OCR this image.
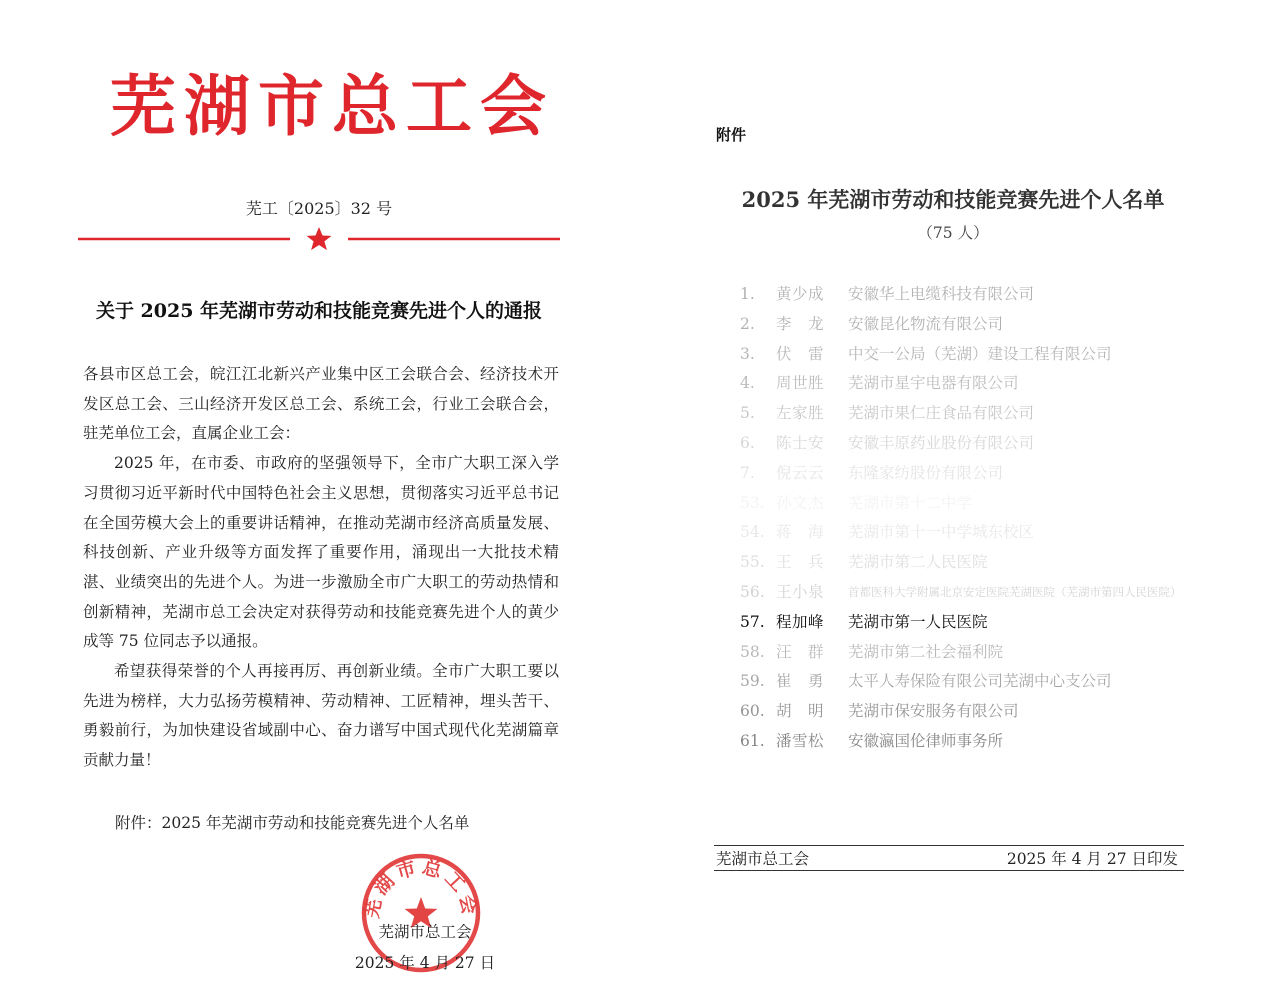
芜湖市总工会
芜工〔2025〕32 号
关于 2025 年芜湖市劳动和技能竞赛先进个人的通报

各县市区总工会，皖江江北新兴产业集中区工会联合会、经济技术开发区总工会、三山经济开发区总工会、系统工会，行业工会联合会，驻芜单位工会，直属企业工会：

2025 年，在市委、市政府的坚强领导下，全市广大职工深入学习贯彻习近平新时代中国特色社会主义思想，贯彻落实习近平总书记在全国劳模大会上的重要讲话精神，在推动芜湖市经济高质量发展、科技创新、产业升级等方面发挥了重要作用，涌现出一大批技术精湛、业绩突出的先进个人。为进一步激励全市广大职工的劳动热情和创新精神，芜湖市总工会决定对获得劳动和技能竞赛先进个人的黄少成等 75 位同志予以通报。

希望获得荣誉的个人再接再厉、再创新业绩。全市广大职工要以先进为榜样，大力弘扬劳模精神、劳动精神、工匠精神，埋头苦干、勇毅前行，为加快建设省域副中心、奋力谱写中国式现代化芜湖篇章贡献力量！

附件：2025 年芜湖市劳动和技能竞赛先进个人名单
芜湖市总工会
芜湖市总工会
2025 年 4 月 27 日
附件
2025 年芜湖市劳动和技能竞赛先进个人名单
（75 人）
1.	黄少成 安徽华上电缆科技有限公司
2.	李　龙 安徽昆化物流有限公司
3.	伏　雷 中交一公局（芜湖）建设工程有限公司
4.	周世胜 芜湖市星宇电器有限公司
5.	左家胜 芜湖市果仁庄食品有限公司
6.	陈士安 安徽丰原药业股份有限公司
7.	倪云云 东隆家纺股份有限公司
53. 孙文杰 芜湖市第十二中学
54. 蒋　海 芜湖市第十一中学城东校区
55. 王　兵 芜湖市第二人民医院
56. 王小泉 首都医科大学附属北京安定医院芜湖医院（芜湖市第四人民医院）
57. 程加峰 芜湖市第一人民医院
58. 汪　群 芜湖市第二社会福利院
59. 崔　勇 太平人寿保险有限公司芜湖中心支公司
60. 胡　明 芜湖市保安服务有限公司
61. 潘雪松 安徽瀛国伦律师事务所
芜湖市总工会	2025 年 4 月 27 日印发
